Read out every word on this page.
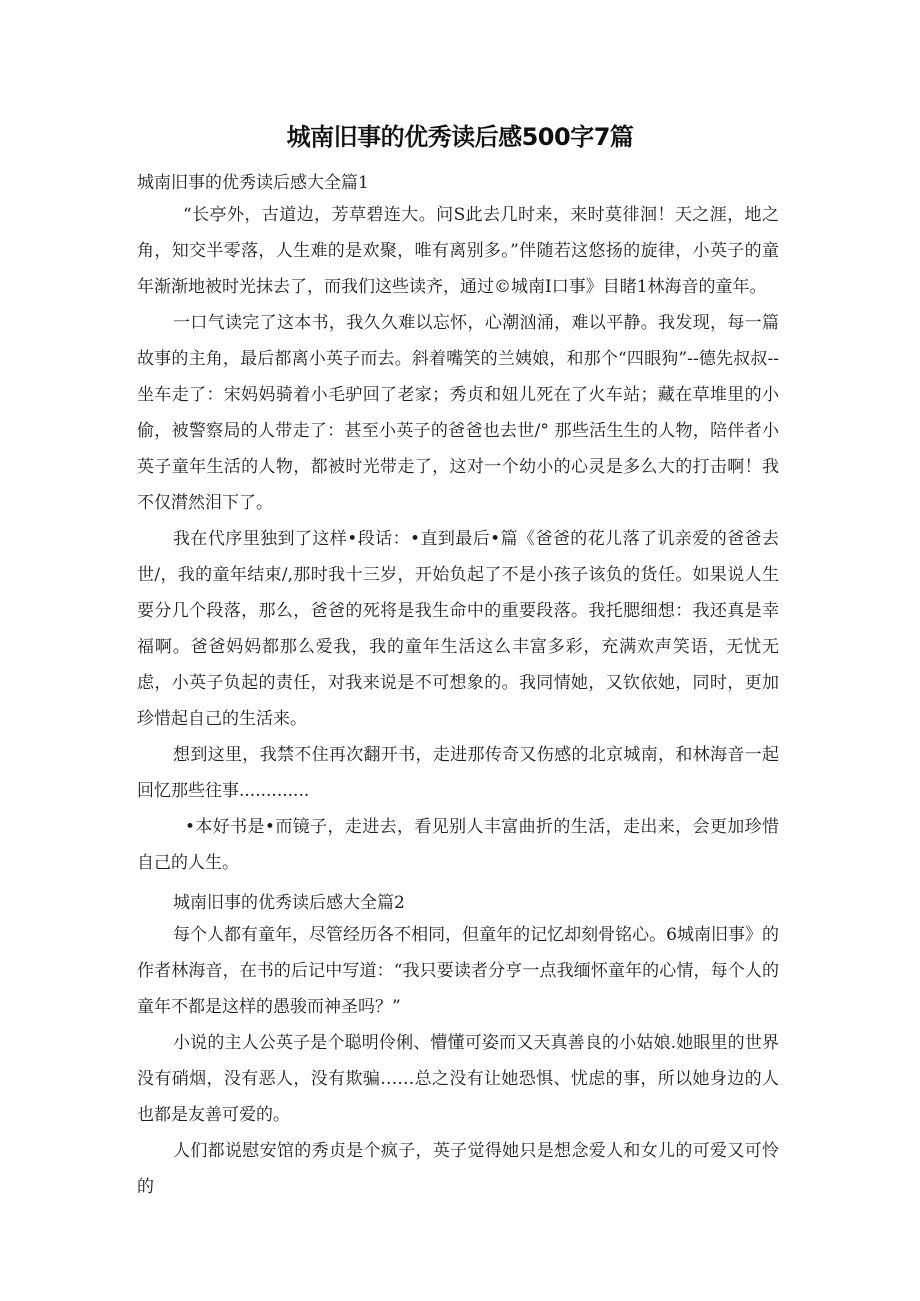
城南旧事的优秀读后感500字7篇

城南旧事的优秀读后感大全篇1

“长亭外，古道边，芳草碧连大。问S此去几时来，来时莫徘洄！天之涯，地之角，知交半零落，人生难的是欢聚，唯有离别多。”伴随若这悠扬的旋律，小英子的童年渐渐地被时光抹去了，而我们这些读齐，通过©城南I口事》目睹1林海音的童年。

一口气读完了这本书，我久久难以忘怀，心潮汹涌，难以平静。我发现，每一篇故事的主角，最后都离小英子而去。斜着嘴笑的兰姨娘，和那个“四眼狗”--德先叔叔--坐车走了：宋妈妈骑着小毛驴回了老家；秀贞和妞儿死在了火车站；藏在草堆里的小偷，被警察局的人带走了：甚至小英子的爸爸也去世/° 那些活生生的人物，陪伴者小英子童年生活的人物，都被时光带走了，这对一个幼小的心灵是多么大的打击啊！我不仅潸然泪下了。

我在代序里独到了这样•段话：•直到最后•篇《爸爸的花儿落了讥亲爱的爸爸去世/，我的童年结束/,那时我十三岁，开始负起了不是小孩子该负的货任。如果说人生要分几个段落，那么，爸爸的死将是我生命中的重要段落。我托腮细想：我还真是幸福啊。爸爸妈妈都那么爱我，我的童年生活这么丰富多彩，充满欢声笑语，无忧无虑，小英子负起的责任，对我来说是不可想象的。我同情她，又钦依她，同时，更加珍惜起自己的生活来。

想到这里，我禁不住再次翻开书，走进那传奇又伤感的北京城南，和林海音一起回忆那些往事.............

•本好书是•而镜子，走进去，看见别人丰富曲折的生活，走出来，会更加珍惜自己的人生。

城南旧事的优秀读后感大全篇2

每个人都有童年，尽管经历各不相同，但童年的记忆却刻骨铭心。6城南旧事》的作者林海音，在书的后记中写道：“我只要读者分亨一点我缅怀童年的心情，每个人的童年不都是这样的愚骏而神圣吗？”

小说的主人公英子是个聪明伶俐、懵懂可姿而又天真善良的小姑娘.她眼里的世界没有硝烟，没有恶人，没有欺骗……总之没有让她恐惧、忧虑的事，所以她身边的人也都是友善可爱的。

人们都说慰安馆的秀贞是个疯子，英子觉得她只是想念爱人和女儿的可爱又可怜的
